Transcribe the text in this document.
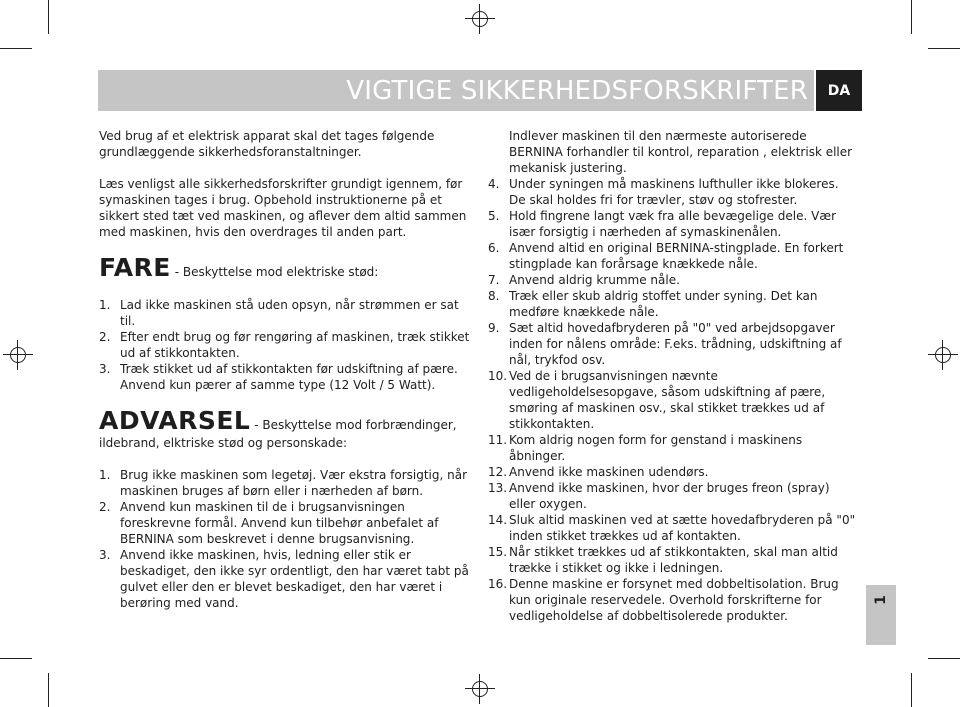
VIGTIGE SIKKERHEDSFORSKRIFTER	DA

Ved brug af et elektrisk apparat skal det tages følgende grundlæggende sikkerhedsforanstaltninger.

Læs venligst alle sikkerhedsforskrifter grundigt igennem, før symaskinen tages i brug. Opbehold instruktionerne på et sikkert sted tæt ved maskinen, og aflever dem altid sammen med maskinen, hvis den overdrages til anden part.

FARE - Beskyttelse mod elektriske stød:
1. Lad ikke maskinen stå uden opsyn, når strømmen er sat til.
2. Efter endt brug og før rengøring af maskinen, træk stikket ud af stikkontakten.
3. Træk stikket ud af stikkontakten før udskiftning af pære. Anvend kun pærer af samme type (12 Volt / 5 Watt).
ADVARSEL - Beskyttelse mod forbrændinger, ildebrand, elktriske stød og personskade:
1. Brug ikke maskinen som legetøj. Vær ekstra forsigtig, når maskinen bruges af børn eller i nærheden af børn.
2. Anvend kun maskinen til de i brugsanvisningen foreskrevne formål. Anvend kun tilbehør anbefalet af BERNINA som beskrevet i denne brugsanvisning.
3. Anvend ikke maskinen, hvis, ledning eller stik er beskadiget, den ikke syr ordentligt, den har været tabt på gulvet eller den er blevet beskadiget, den har været i berøring med vand.
Indlever maskinen til den nærmeste autoriserede BERNINA forhandler til kontrol, reparation , elektrisk eller mekanisk justering.
4. Under syningen må maskinens lufthuller ikke blokeres. De skal holdes fri for trævler, støv og stofrester.
5. Hold fingrene langt væk fra alle bevægelige dele. Vær især forsigtig i nærheden af symaskinenålen.
6. Anvend altid en original BERNINA-stingplade. En forkert stingplade kan forårsage knækkede nåle.
7. Anvend aldrig krumme nåle.
8. Træk eller skub aldrig stoffet under syning. Det kan medføre knækkede nåle.
9. Sæt altid hovedafbryderen på "0" ved arbejdsopgaver inden for nålens område: F.eks. trådning, udskiftning af nål, trykfod osv.
10. Ved de i brugsanvisningen nævnte vedligeholdelsesopgave, såsom udskiftning af pære, smøring af maskinen osv., skal stikket trækkes ud af stikkontakten.
11. Kom aldrig nogen form for genstand i maskinens åbninger.
12. Anvend ikke maskinen udendørs.
13. Anvend ikke maskinen, hvor der bruges freon (spray) eller oxygen.
14. Sluk altid maskinen ved at sætte hovedafbryderen på "0" inden stikket trækkes ud af kontakten.
15. Når stikket trækkes ud af stikkontakten, skal man altid trække i stikket og ikke i ledningen.
16. Denne maskine er forsynet med dobbeltisolation. Brug kun originale reservedele. Overhold forskrifterne for vedligeholdelse af dobbeltisolerede produkter.
1
